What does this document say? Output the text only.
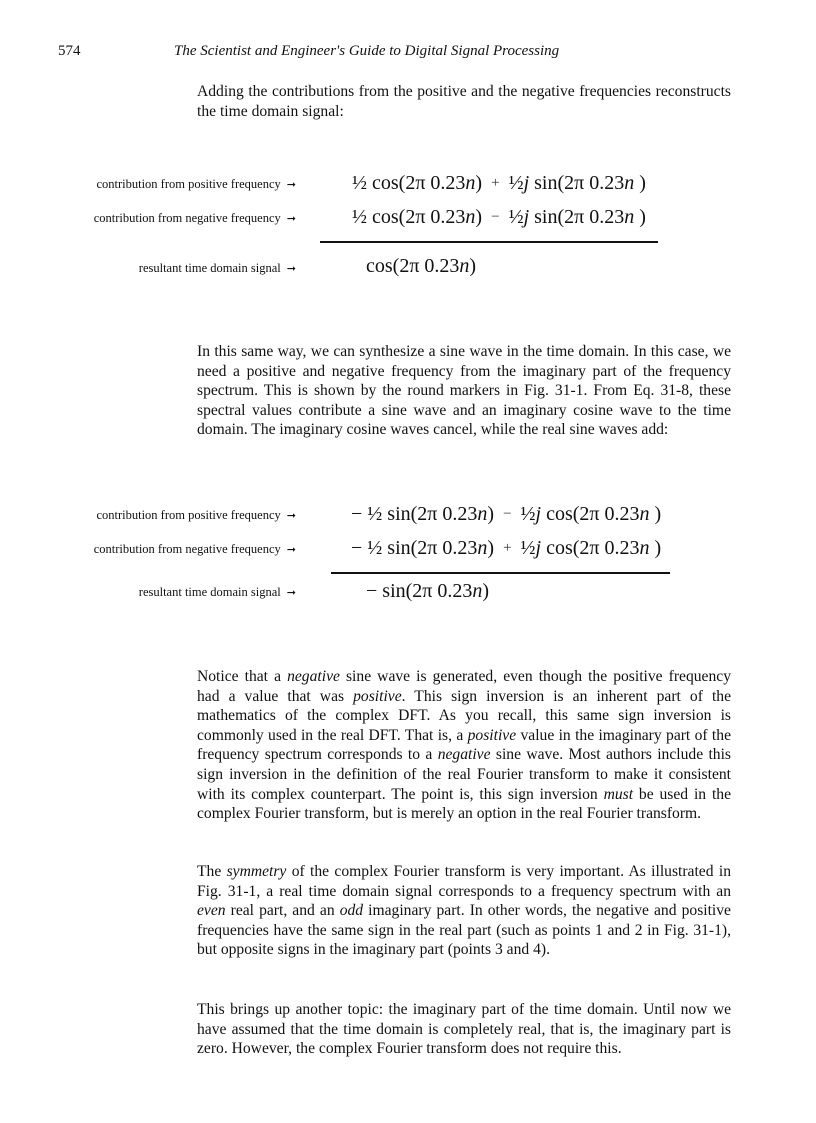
574	The Scientist and Engineer's Guide to Digital Signal Processing

Adding the contributions from the positive and the negative frequencies reconstructs the time domain signal:

contribution from positive frequency ➞	½ cos(2π 0.23n) + ½j sin(2π 0.23n )
contribution from negative frequency ➞	½ cos(2π 0.23n) − ½j sin(2π 0.23n )
resultant time domain signal ➞	cos(2π 0.23n)

In this same way, we can synthesize a sine wave in the time domain. In this case, we need a positive and negative frequency from the imaginary part of the frequency spectrum. This is shown by the round markers in Fig. 31-1. From Eq. 31-8, these spectral values contribute a sine wave and an imaginary cosine wave to the time domain. The imaginary cosine waves cancel, while the real sine waves add:

contribution from positive frequency ➞	− ½ sin(2π 0.23n) − ½j cos(2π 0.23n )
contribution from negative frequency ➞	− ½ sin(2π 0.23n) + ½j cos(2π 0.23n )
resultant time domain signal ➞	− sin(2π 0.23n)

Notice that a negative sine wave is generated, even though the positive frequency had a value that was positive. This sign inversion is an inherent part of the mathematics of the complex DFT. As you recall, this same sign inversion is commonly used in the real DFT. That is, a positive value in the imaginary part of the frequency spectrum corresponds to a negative sine wave. Most authors include this sign inversion in the definition of the real Fourier transform to make it consistent with its complex counterpart. The point is, this sign inversion must be used in the complex Fourier transform, but is merely an option in the real Fourier transform.

The symmetry of the complex Fourier transform is very important. As illustrated in Fig. 31-1, a real time domain signal corresponds to a frequency spectrum with an even real part, and an odd imaginary part. In other words, the negative and positive frequencies have the same sign in the real part (such as points 1 and 2 in Fig. 31-1), but opposite signs in the imaginary part (points 3 and 4).

This brings up another topic: the imaginary part of the time domain. Until now we have assumed that the time domain is completely real, that is, the imaginary part is zero. However, the complex Fourier transform does not require this.
